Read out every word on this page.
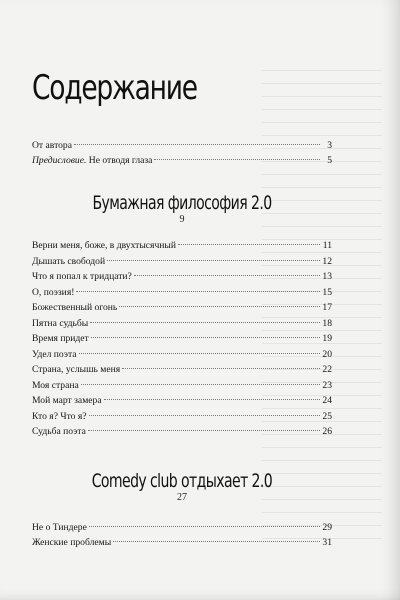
Содержание
От автора	3
Предисловие. Не отводя глаза	5
Бумажная философия 2.0
9
Верни меня, боже, в двухтысячный	11
Дышать свободой	12
Что я попал к тридцати?	13
О, поэзия!	15
Божественный огонь	17
Пятна судьбы	18
Время придет	19
Удел поэта	20
Страна, услышь меня	22
Моя страна	23
Мой март замера	24
Кто я? Что я?	25
Судьба поэта	26
Comedy club отдыхает 2.0
27
Не о Тиндере	29
Женские проблемы	31
